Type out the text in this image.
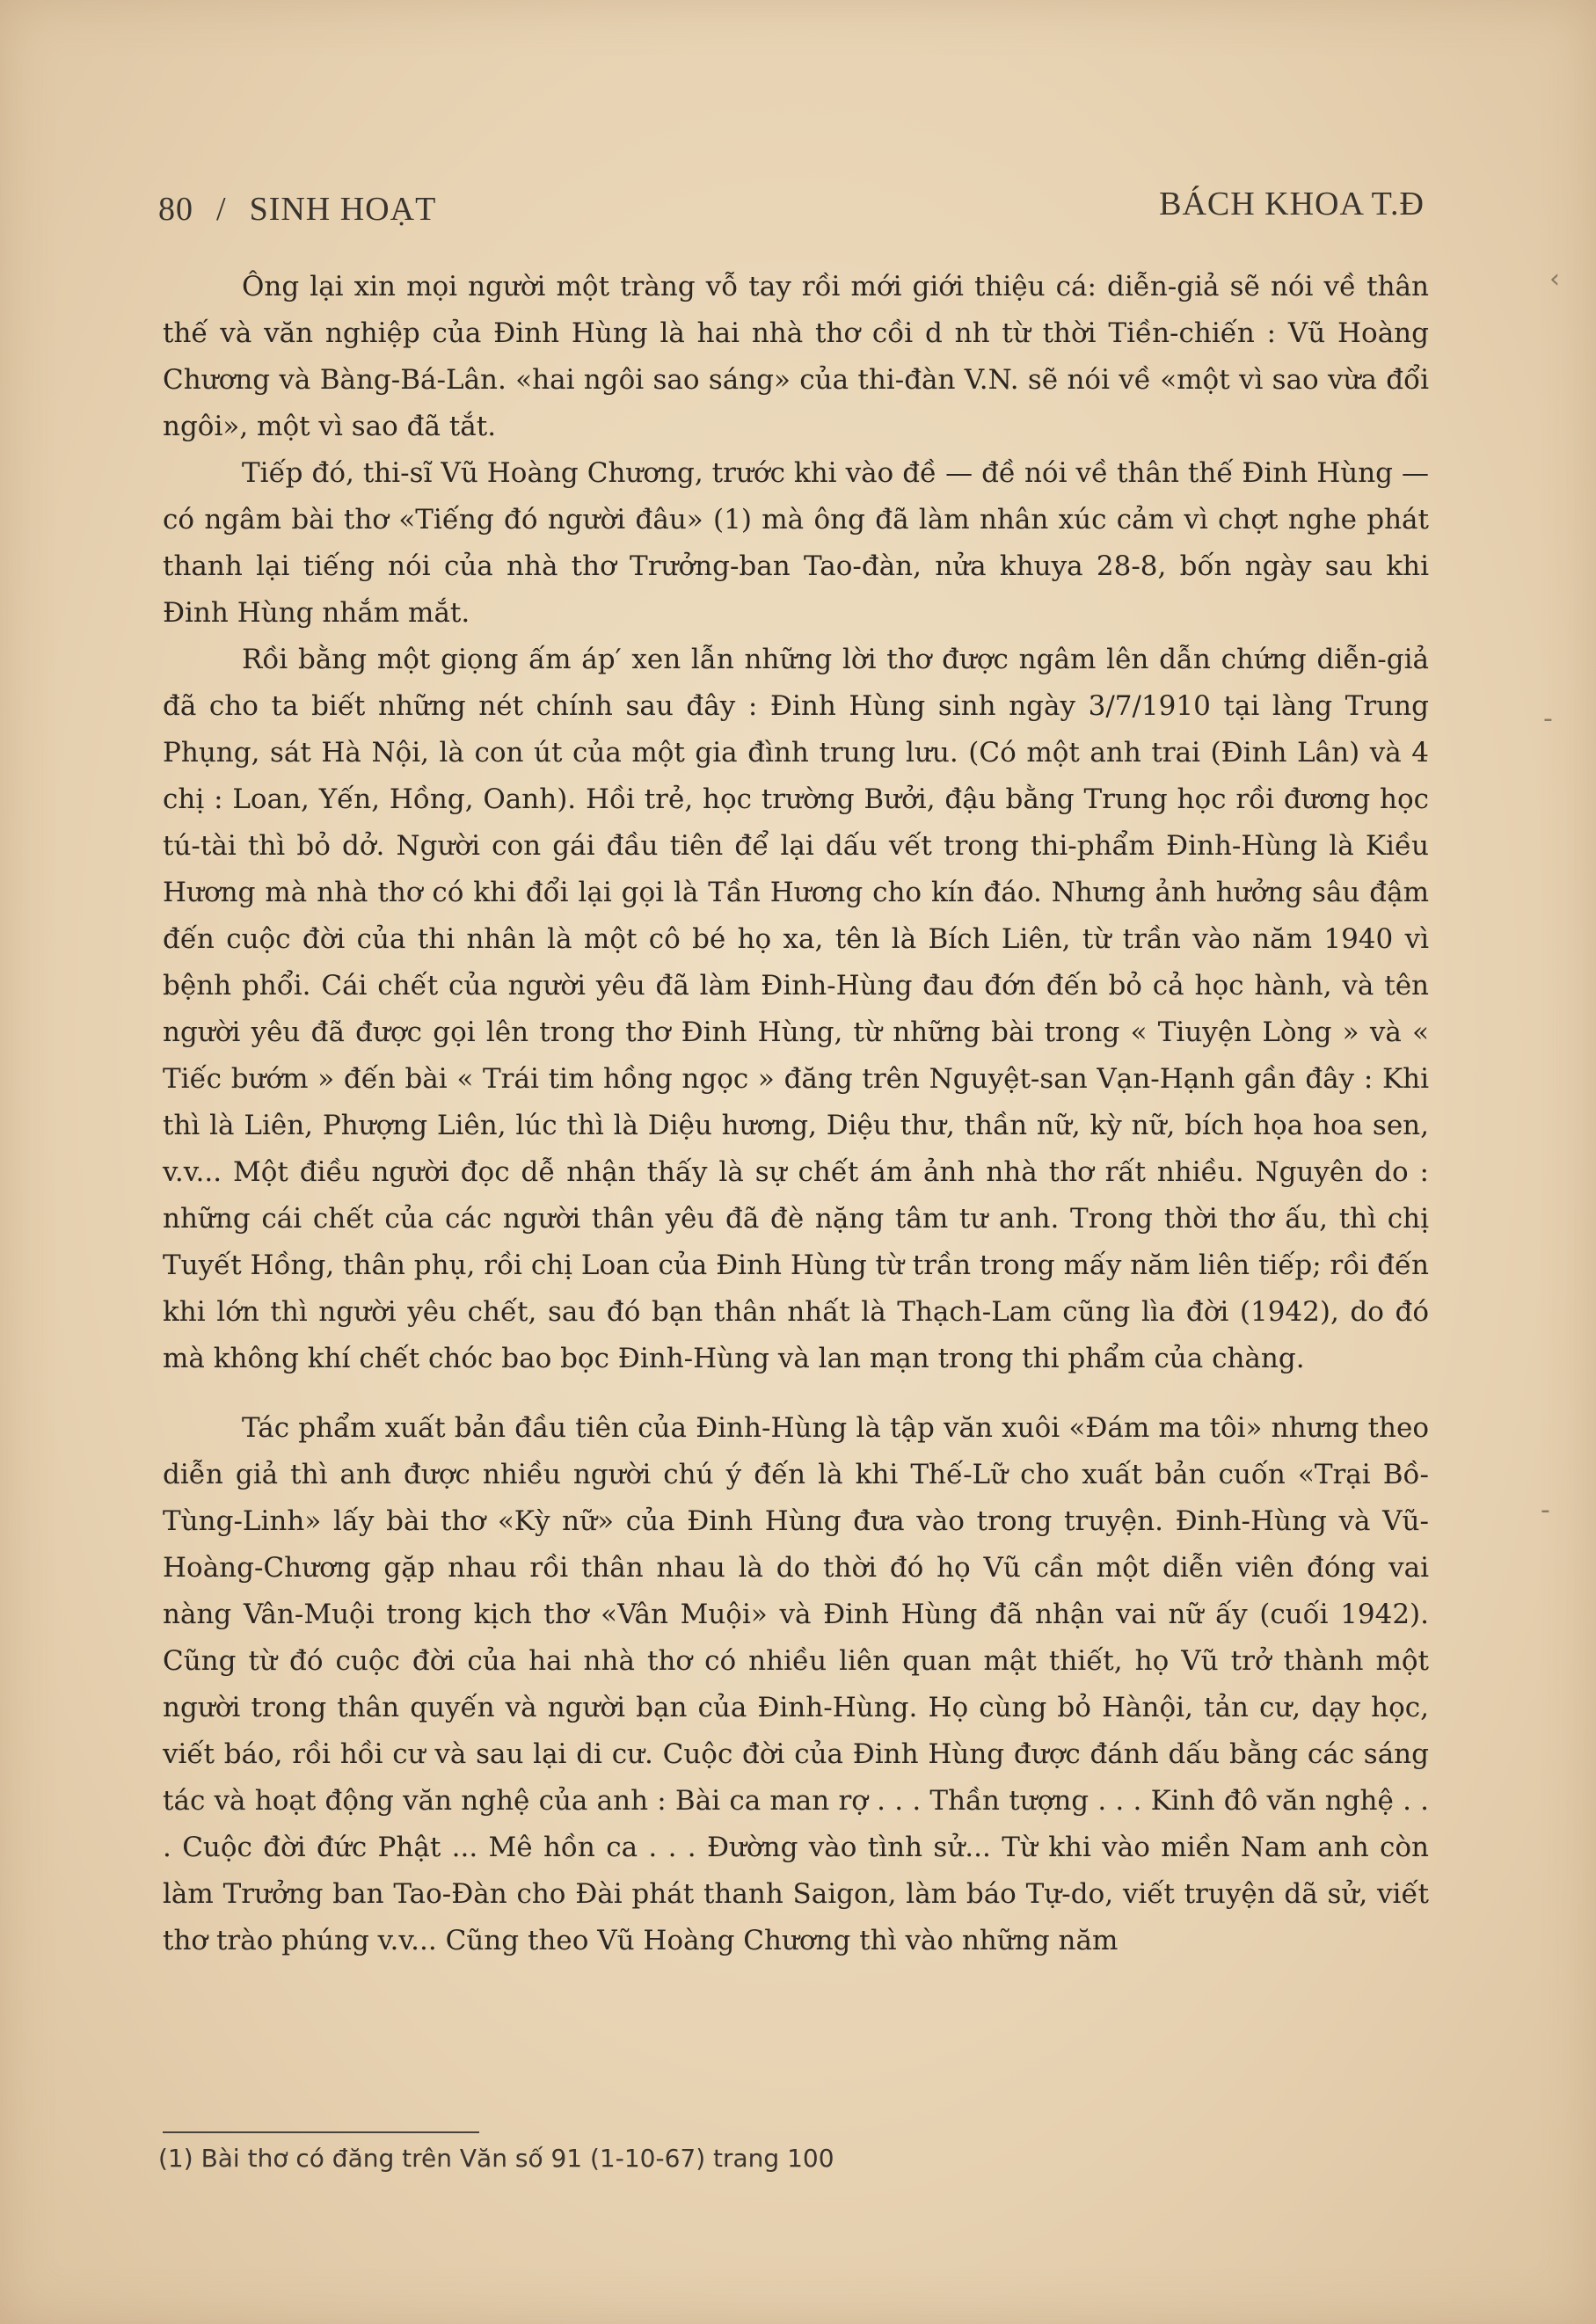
80 / SINH HOẠT	BÁCH KHOA T.Đ

Ông lại xin mọi người một tràng vỗ tay rồi mới giới thiệu cá: diễn-giả sẽ nói về thân thế và văn nghiệp của Đinh Hùng là hai nhà thơ cồi d nh từ thời Tiền-chiến : Vũ Hoàng Chương và Bàng-Bá-Lân. «hai ngôi sao sáng» của thi-đàn V.N. sẽ nói về «một vì sao vừa đổi ngôi», một vì sao đã tắt.

Tiếp đó, thi-sĩ Vũ Hoàng Chương, trước khi vào đề — đề nói về thân thế Đinh Hùng — có ngâm bài thơ «Tiếng đó người đâu» (1) mà ông đã làm nhân xúc cảm vì chợt nghe phát thanh lại tiếng nói của nhà thơ Trưởng-ban Tao-đàn, nửa khuya 28-8, bốn ngày sau khi Đinh Hùng nhắm mắt.

Rồi bằng một giọng ấm áp′ xen lẫn những lời thơ được ngâm lên dẫn chứng diễn-giả đã cho ta biết những nét chính sau đây : Đinh Hùng sinh ngày 3/7/1910 tại làng Trung Phụng, sát Hà Nội, là con út của một gia đình trung lưu. (Có một anh trai (Đinh Lân) và 4 chị : Loan, Yến, Hồng, Oanh). Hồi trẻ, học trường Bưởi, đậu bằng Trung học rồi đương học tú-tài thì bỏ dở. Người con gái đầu tiên để lại dấu vết trong thi-phẩm Đinh-Hùng là Kiều Hương mà nhà thơ có khi đổi lại gọi là Tần Hương cho kín đáo. Nhưng ảnh hưởng sâu đậm đến cuộc đời của thi nhân là một cô bé họ xa, tên là Bích Liên, từ trần vào năm 1940 vì bệnh phổi. Cái chết của người yêu đã làm Đinh-Hùng đau đớn đến bỏ cả học hành, và tên người yêu đã được gọi lên trong thơ Đinh Hùng, từ những bài trong « Tiuyện Lòng » và « Tiếc bướm » đến bài « Trái tim hồng ngọc » đăng trên Nguyệt-san Vạn-Hạnh gần đây : Khi thì là Liên, Phượng Liên, lúc thì là Diệu hương, Diệu thư, thần nữ, kỳ nữ, bích họa hoa sen, v.v... Một điều người đọc dễ nhận thấy là sự chết ám ảnh nhà thơ rất nhiều. Nguyên do : những cái chết của các người thân yêu đã đè nặng tâm tư anh. Trong thời thơ ấu, thì chị Tuyết Hồng, thân phụ, rồi chị Loan của Đinh Hùng từ trần trong mấy năm liên tiếp; rồi đến khi lớn thì người yêu chết, sau đó bạn thân nhất là Thạch-Lam cũng lìa đời (1942), do đó mà không khí chết chóc bao bọc Đinh-Hùng và lan mạn trong thi phẩm của chàng.

Tác phẩm xuất bản đầu tiên của Đinh-Hùng là tập văn xuôi «Đám ma tôi» nhưng theo diễn giả thì anh được nhiều người chú ý đến là khi Thế-Lữ cho xuất bản cuốn «Trại Bồ-Tùng-Linh» lấy bài thơ «Kỳ nữ» của Đinh Hùng đưa vào trong truyện. Đinh-Hùng và Vũ-Hoàng-Chương gặp nhau rồi thân nhau là do thời đó họ Vũ cần một diễn viên đóng vai nàng Vân-Muội trong kịch thơ «Vân Muội» và Đinh Hùng đã nhận vai nữ ấy (cuối 1942). Cũng từ đó cuộc đời của hai nhà thơ có nhiều liên quan mật thiết, họ Vũ trở thành một người trong thân quyến và người bạn của Đinh-Hùng. Họ cùng bỏ Hànội, tản cư, dạy học, viết báo, rồi hồi cư và sau lại di cư. Cuộc đời của Đinh Hùng được đánh dấu bằng các sáng tác và hoạt động văn nghệ của anh : Bài ca man rợ . . . Thần tượng . . . Kinh đô văn nghệ . . . Cuộc đời đức Phật ... Mê hồn ca . . . Đường vào tình sử... Từ khi vào miền Nam anh còn làm Trưởng ban Tao-Đàn cho Đài phát thanh Saigon, làm báo Tự-do, viết truyện dã sử, viết thơ trào phúng v.v... Cũng theo Vũ Hoàng Chương thì vào những năm

(1) Bài thơ có đăng trên Văn số 91 (1-10-67) trang 100
‹
-
-
